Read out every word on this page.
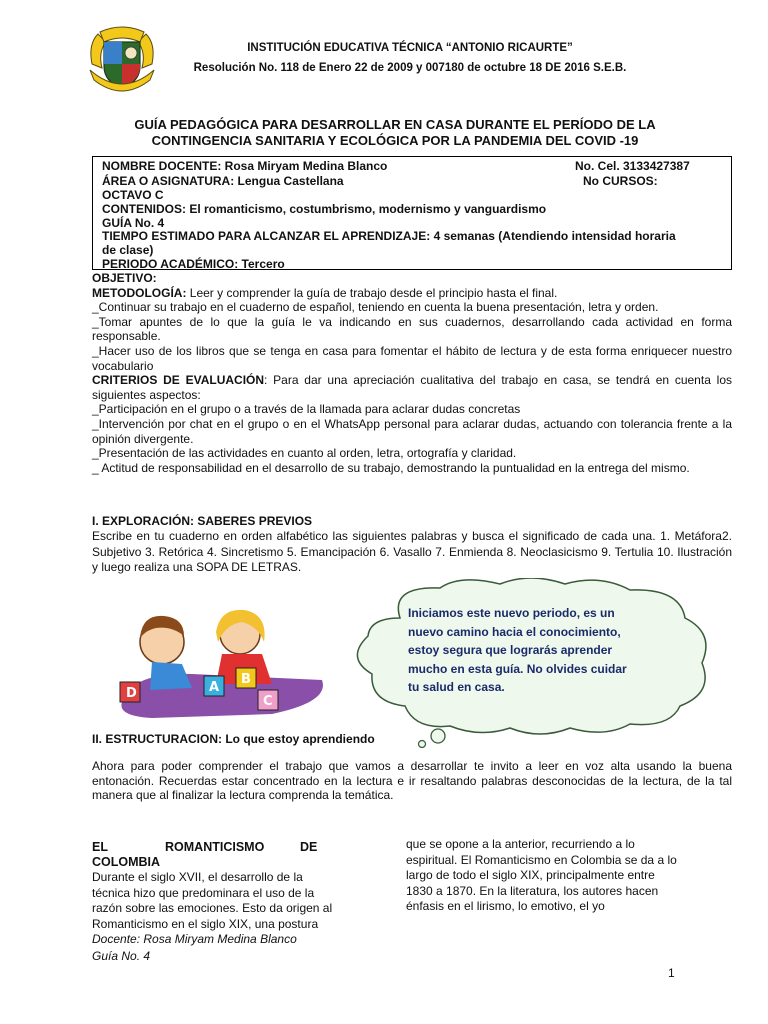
INSTITUCIÓN EDUCATIVA TÉCNICA “ANTONIO RICAURTE”
Resolución No. 118 de Enero 22 de 2009 y 007180 de octubre 18 DE 2016 S.E.B.
GUÍA PEDAGÓGICA PARA DESARROLLAR EN CASA DURANTE EL PERÍODO DE LA
CONTINGENCIA SANITARIA Y ECOLÓGICA POR LA PANDEMIA DEL COVID -19
NOMBRE DOCENTE: Rosa Miryam Medina Blanco	No. Cel. 3133427387
ÁREA O ASIGNATURA: Lengua Castellana	No CURSOS:
OCTAVO C
CONTENIDOS: El romanticismo, costumbrismo, modernismo y vanguardismo
GUÍA No. 4
TIEMPO ESTIMADO PARA ALCANZAR EL APRENDIZAJE: 4 semanas (Atendiendo intensidad horaria
de clase)
PERIODO ACADÉMICO: Tercero

OBJETIVO:

METODOLOGÍA: Leer y comprender la guía de trabajo desde el principio hasta el final.

_Continuar su trabajo en el cuaderno de español, teniendo en cuenta la buena presentación, letra y orden.

_Tomar apuntes de lo que la guía le va indicando en sus cuadernos, desarrollando cada actividad en forma responsable.

_Hacer uso de los libros que se tenga en casa para fomentar el hábito de lectura y de esta forma enriquecer nuestro vocabulario

CRITERIOS DE EVALUACIÓN: Para dar una apreciación cualitativa del trabajo en casa, se tendrá en cuenta los siguientes aspectos:

_Participación en el grupo o a través de la llamada para aclarar dudas concretas

_Intervención por chat en el grupo o en el WhatsApp personal para aclarar dudas, actuando con tolerancia frente a la opinión divergente.

_Presentación de las actividades en cuanto al orden, letra, ortografía y claridad.

_ Actitud de responsabilidad en el desarrollo de su trabajo, demostrando la puntualidad en la entrega del mismo.

I. EXPLORACIÓN: SABERES PREVIOS
Escribe en tu cuaderno en orden alfabético las siguientes palabras y busca el significado de cada una. 1. Metáfora2. Subjetivo 3. Retórica 4. Sincretismo 5. Emancipación 6. Vasallo 7. Enmienda 8. Neoclasicismo 9. Tertulia 10. Ilustración y luego realiza una SOPA DE LETRAS.
D	A
B
C
Iniciamos este nuevo periodo, es un nuevo camino hacia el conocimiento, estoy segura que lograrás aprender mucho en esta guía. No olvides cuidar tu salud en casa.
II. ESTRUCTURACION: Lo que estoy aprendiendo
Ahora para poder comprender el trabajo que vamos a desarrollar te invito a leer en voz alta usando la buena entonación. Recuerdas estar concentrado en la lectura e ir resaltando palabras desconocidas de la lectura, de la tal manera que al finalizar la lectura comprenda la temática.
EL	ROMANTICISMO	DE
COLOMBIA
Durante el siglo XVII, el desarrollo de la técnica hizo que predominara el uso de la razón sobre las emociones. Esto da origen al Romanticismo en el siglo XIX, una postura
que se opone a la anterior, recurriendo a lo espiritual. El Romanticismo en Colombia se da a lo largo de todo el siglo XIX, principalmente entre 1830 a 1870. En la literatura, los autores hacen énfasis en el lirismo, lo emotivo, el yo
Docente: Rosa Miryam Medina Blanco
Guía No. 4
1
